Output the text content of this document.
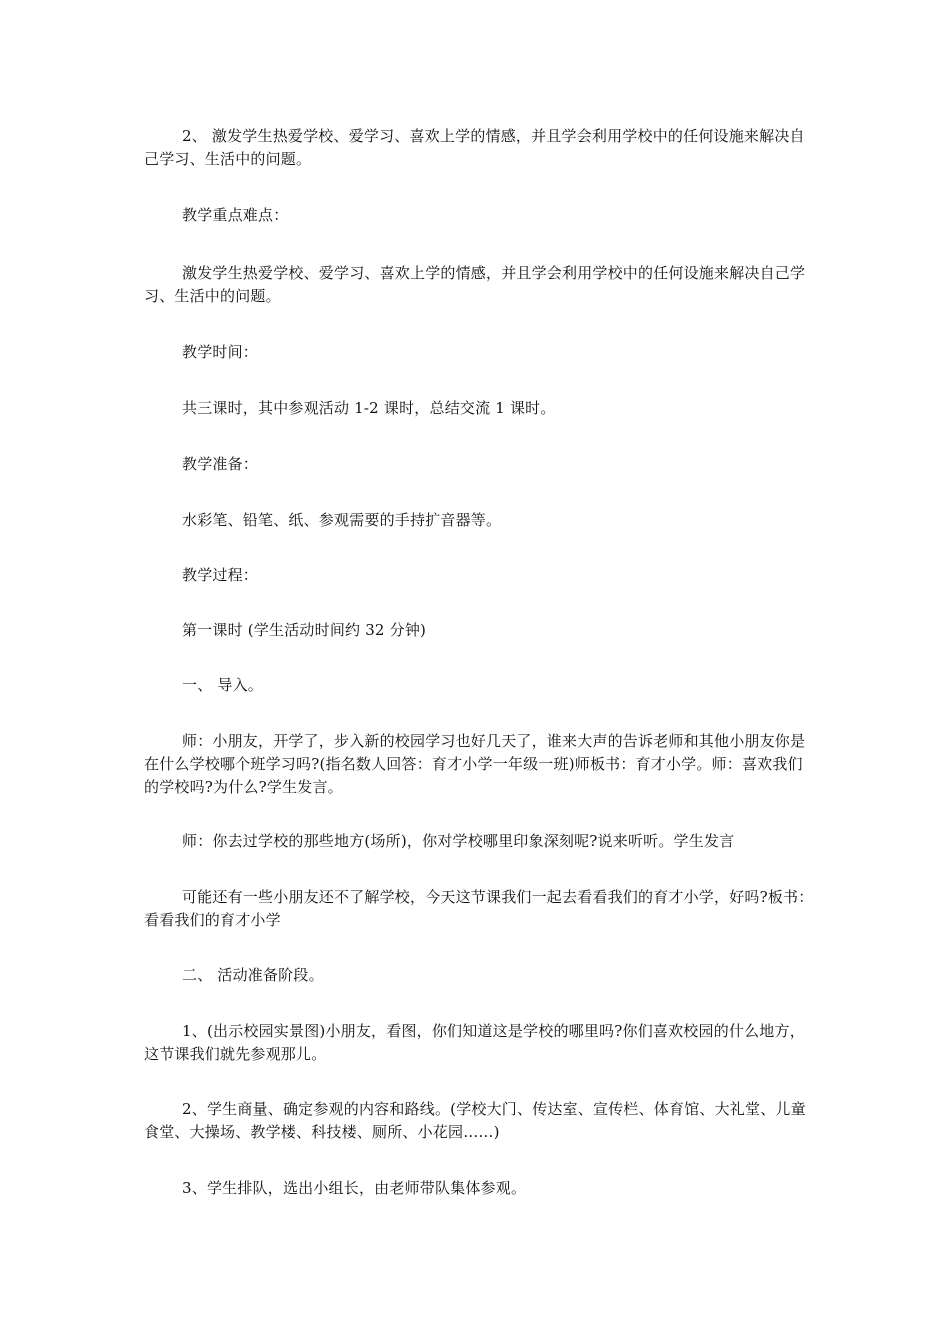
2、 激发学生热爱学校、爱学习、喜欢上学的情感，并且学会利用学校中的任何设施来解决自己学习、生活中的问题。

教学重点难点：

激发学生热爱学校、爱学习、喜欢上学的情感，并且学会利用学校中的任何设施来解决自己学习、生活中的问题。

教学时间：

共三课时，其中参观活动 1-2 课时，总结交流 1 课时。

教学准备：

水彩笔、铅笔、纸、参观需要的手持扩音器等。

教学过程：

第一课时 (学生活动时间约 32 分钟)

一、 导入。

师：小朋友，开学了，步入新的校园学习也好几天了，谁来大声的告诉老师和其他小朋友你是在什么学校哪个班学习吗?(指名数人回答：育才小学一年级一班)师板书：育才小学。师：喜欢我们的学校吗?为什么?学生发言。

师：你去过学校的那些地方(场所)，你对学校哪里印象深刻呢?说来听听。学生发言

可能还有一些小朋友还不了解学校，今天这节课我们一起去看看我们的育才小学，好吗?板书：看看我们的育才小学

二、 活动准备阶段。

1、(出示校园实景图)小朋友，看图，你们知道这是学校的哪里吗?你们喜欢校园的什么地方，这节课我们就先参观那儿。

2、学生商量、确定参观的内容和路线。(学校大门、传达室、宣传栏、体育馆、大礼堂、儿童食堂、大操场、教学楼、科技楼、厕所、小花园……)

3、学生排队，选出小组长，由老师带队集体参观。
